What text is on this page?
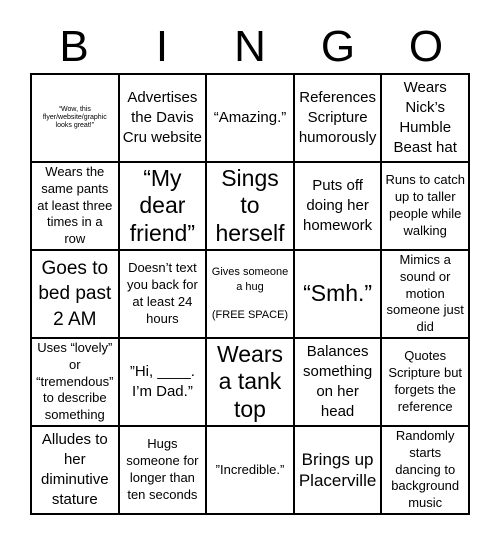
B	I	N	G	O
“Wow, this flyer/website/graphic looks great!”
Advertises the Davis Cru website
“Amazing.”
References Scripture humorously
Wears Nick’s Humble Beast hat
Wears the same pants at least three times in a row
“My dear friend”
Sings to herself
Puts off doing her homework
Runs to catch up to taller people while walking
Goes to bed past 2 AM
Doesn’t text you back for at least 24 hours
Gives someone a hug

(FREE SPACE)
“Smh.”
Mimics a sound or motion someone just did
Uses “lovely” or “tremendous” to describe something
”Hi, ____. I’m Dad.”
Wears a tank top
Balances something on her head
Quotes Scripture but forgets the reference
Alludes to her diminutive stature
Hugs someone for longer than ten seconds
”Incredible.”
Brings up Placerville
Randomly starts dancing to background music
